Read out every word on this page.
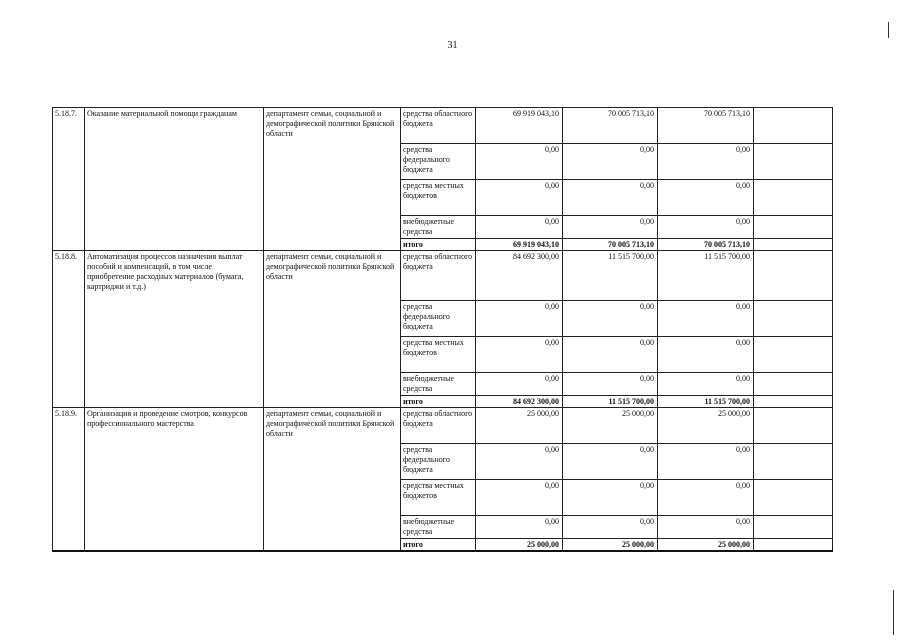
31
5.18.7.	Оказание материальной помощи гражданам	департамент семьи, социальной и демографической политики Брянской области	средства областного бюджета	69 919 043,10	70 005 713,10	70 005 713,10	
			средства федерального бюджета	0,00	0,00	0,00	
			средства местных бюджетов	0,00	0,00	0,00	
			внебюджетные средства	0,00	0,00	0,00	
			итого	69 919 043,10	70 005 713,10	70 005 713,10	
5.18.8.	Автоматизация процессов назначения выплат пособий и компенсаций, в том числе приобретение расходных материалов (бумага, картриджи и т.д.)	департамент семьи, социальной и демографической политики Брянской области	средства областного бюджета	84 692 300,00	11 515 700,00	11 515 700,00	
			средства федерального бюджета	0,00	0,00	0,00	
			средства местных бюджетов	0,00	0,00	0,00	
			внебюджетные средства	0,00	0,00	0,00	
			итого	84 692 300,00	11 515 700,00	11 515 700,00	
5.18.9.	Организация и проведение смотров, конкурсов профессионального мастерства	департамент семьи, социальной и демографической политики Брянской области	средства областного бюджета	25 000,00	25 000,00	25 000,00	
			средства федерального бюджета	0,00	0,00	0,00	
			средства местных бюджетов	0,00	0,00	0,00	
			внебюджетные средства	0,00	0,00	0,00	
			итого	25 000,00	25 000,00	25 000,00	
